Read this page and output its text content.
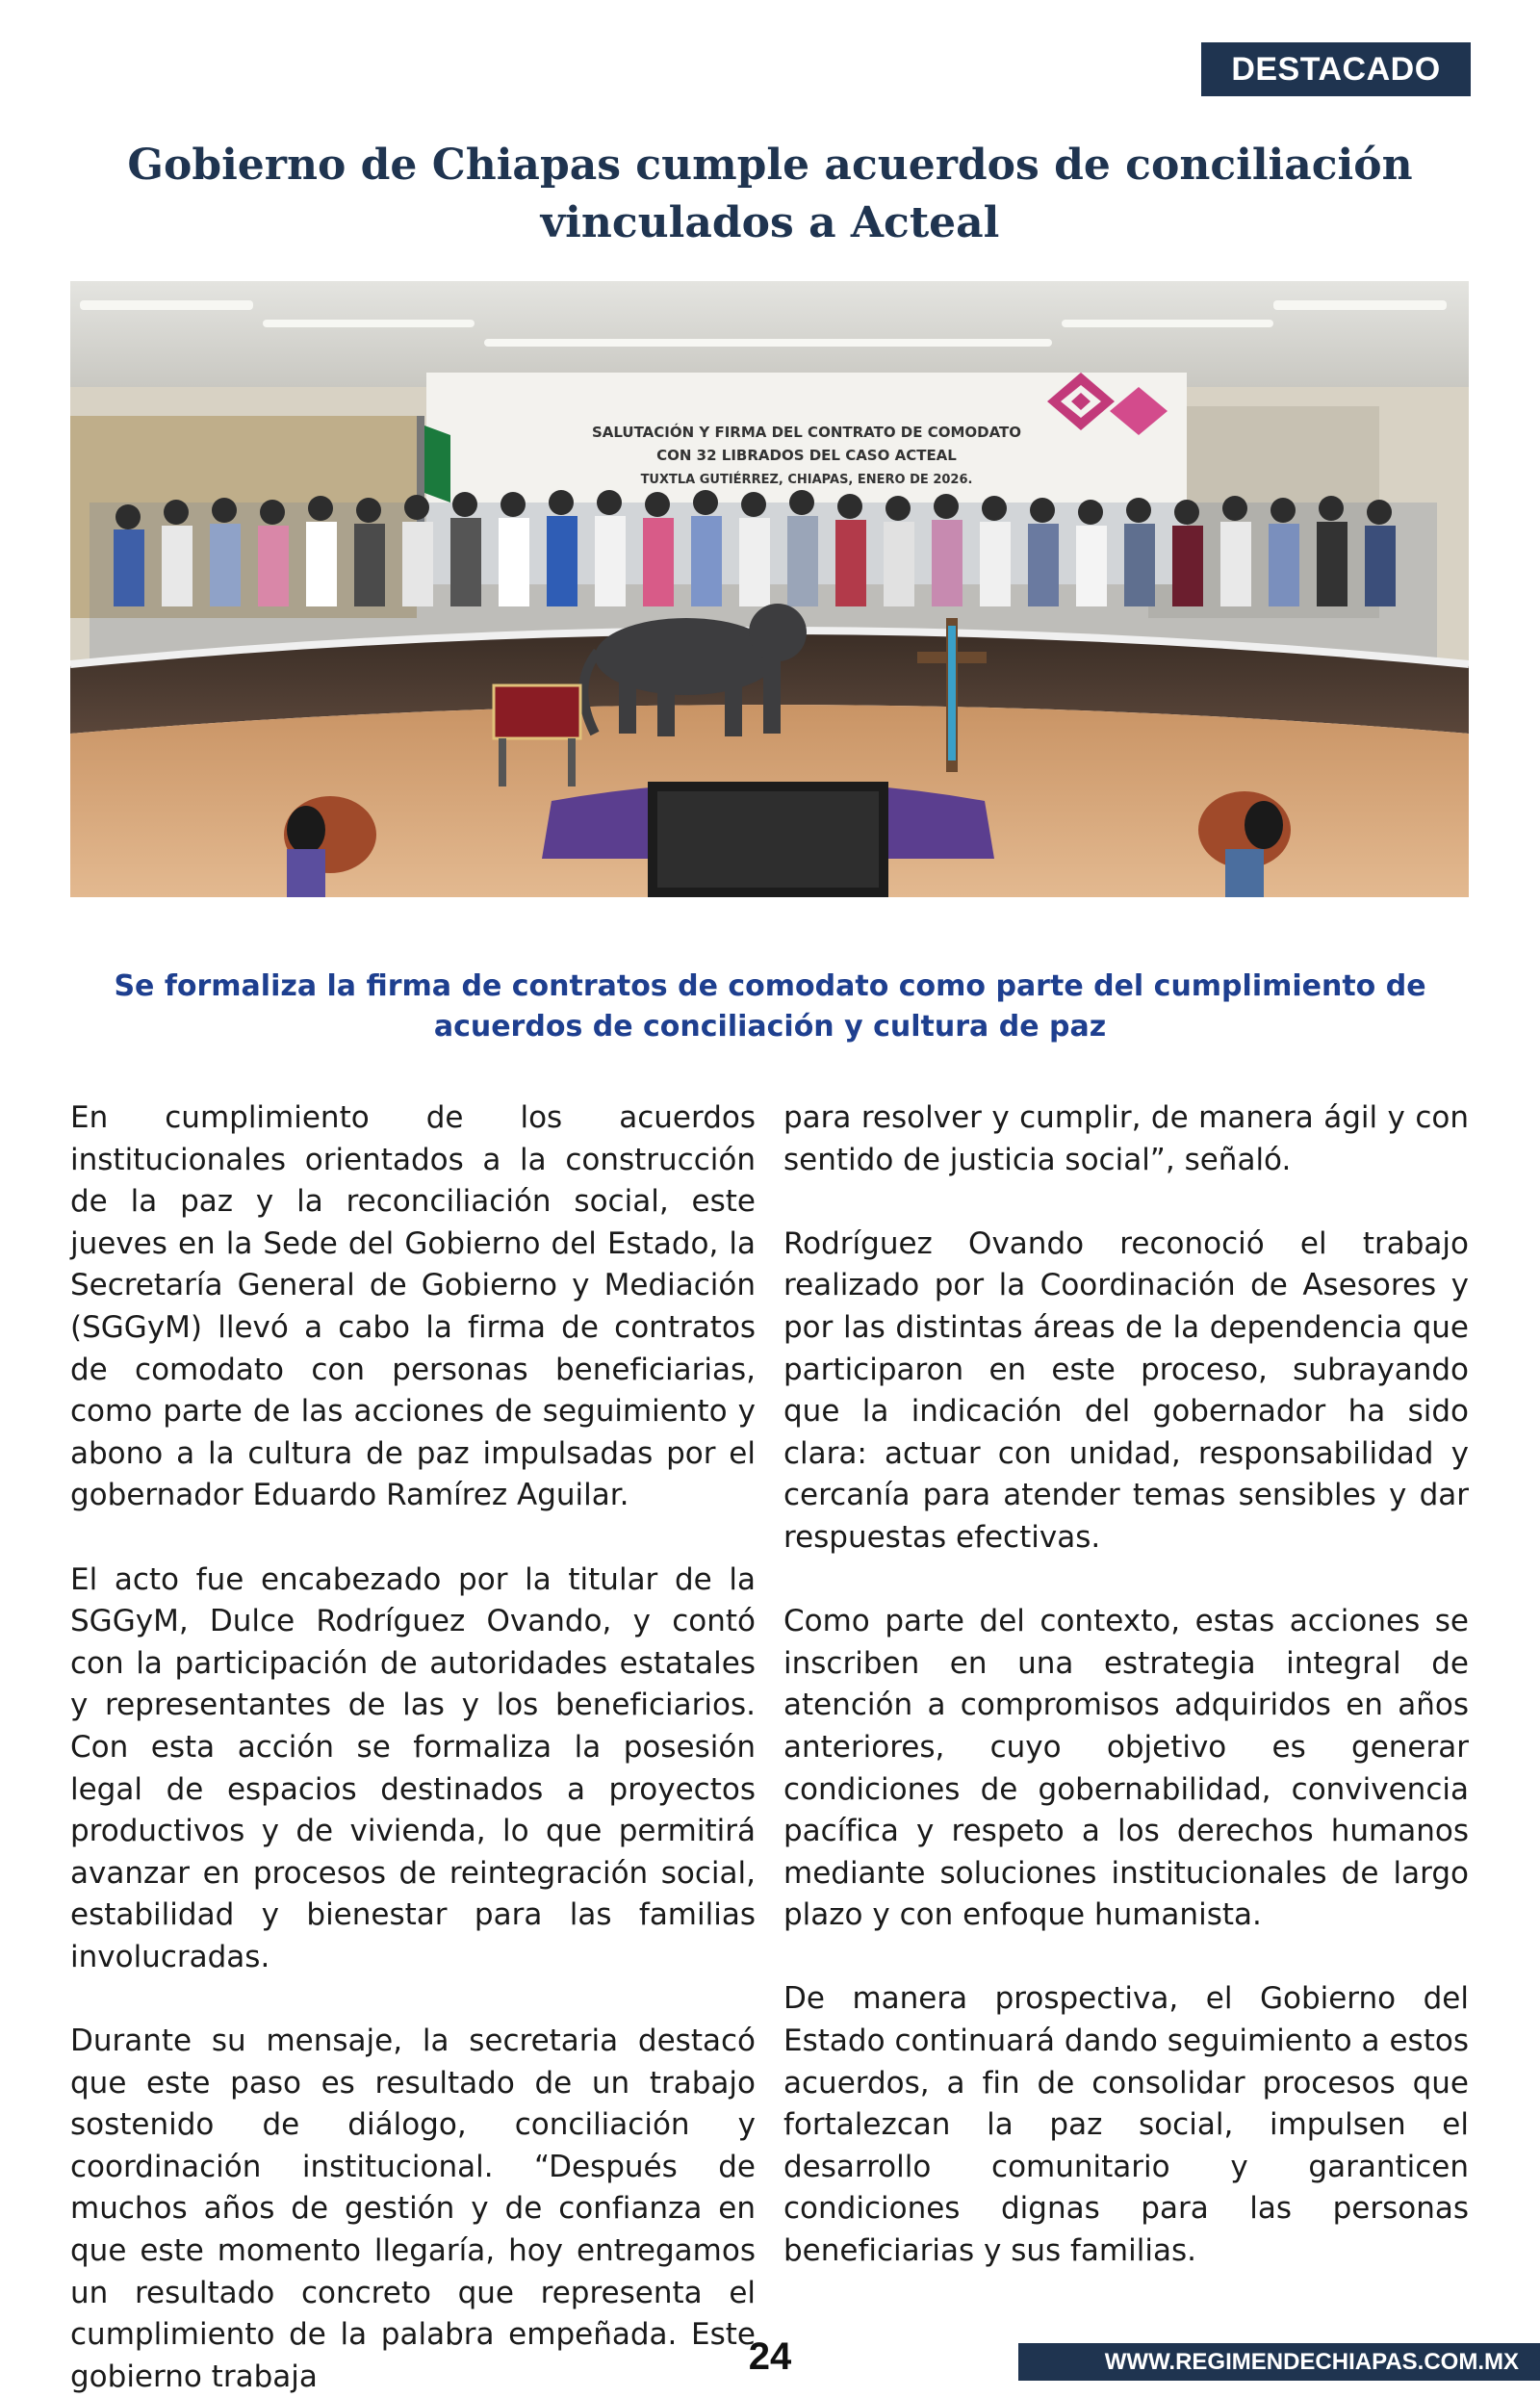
DESTACADO
Gobierno de Chiapas cumple acuerdos de conciliación vinculados a Acteal
SALUTACIÓN Y FIRMA DEL CONTRATO DE COMODATO
CON 32 LIBRADOS DEL CASO ACTEAL
TUXTLA GUTIÉRREZ, CHIAPAS, ENERO DE 2026.
Se formaliza la firma de contratos de comodato como parte del cumplimiento de acuerdos de conciliación y cultura de paz

En cumplimiento de los acuerdos institucionales orientados a la construcción de la paz y la reconciliación social, este jueves en la Sede del Gobierno del Estado, la Secretaría General de Gobierno y Mediación (SGGyM) llevó a cabo la firma de contratos de comodato con personas beneficiarias, como parte de las acciones de seguimiento y abono a la cultura de paz impulsadas por el gobernador Eduardo Ramírez Aguilar.

El acto fue encabezado por la titular de la SGGyM, Dulce Rodríguez Ovando, y contó con la participación de autoridades estatales y representantes de las y los beneficiarios. Con esta acción se formaliza la posesión legal de espacios destinados a proyectos productivos y de vivienda, lo que permitirá avanzar en procesos de reintegración social, estabilidad y bienestar para las familias involucradas.

Durante su mensaje, la secretaria destacó que este paso es resultado de un trabajo sostenido de diálogo, conciliación y coordinación institucional. “Después de muchos años de gestión y de confianza en que este momento llegaría, hoy entregamos un resultado concreto que representa el cumplimiento de la palabra empeñada. Este gobierno trabaja

para resolver y cumplir, de manera ágil y con sentido de justicia social”, señaló.

Rodríguez Ovando reconoció el trabajo realizado por la Coordinación de Asesores y por las distintas áreas de la dependencia que participaron en este proceso, subrayando que la indicación del gobernador ha sido clara: actuar con unidad, responsabilidad y cercanía para atender temas sensibles y dar respuestas efectivas.

Como parte del contexto, estas acciones se inscriben en una estrategia integral de atención a compromisos adquiridos en años anteriores, cuyo objetivo es generar condiciones de gobernabilidad, convivencia pacífica y respeto a los derechos humanos mediante soluciones institucionales de largo plazo y con enfoque humanista.

De manera prospectiva, el Gobierno del Estado continuará dando seguimiento a estos acuerdos, a fin de consolidar procesos que fortalezcan la paz social, impulsen el desarrollo comunitario y garanticen condiciones dignas para las personas beneficiarias y sus familias.

24	WWW.REGIMENDECHIAPAS.COM.MX
